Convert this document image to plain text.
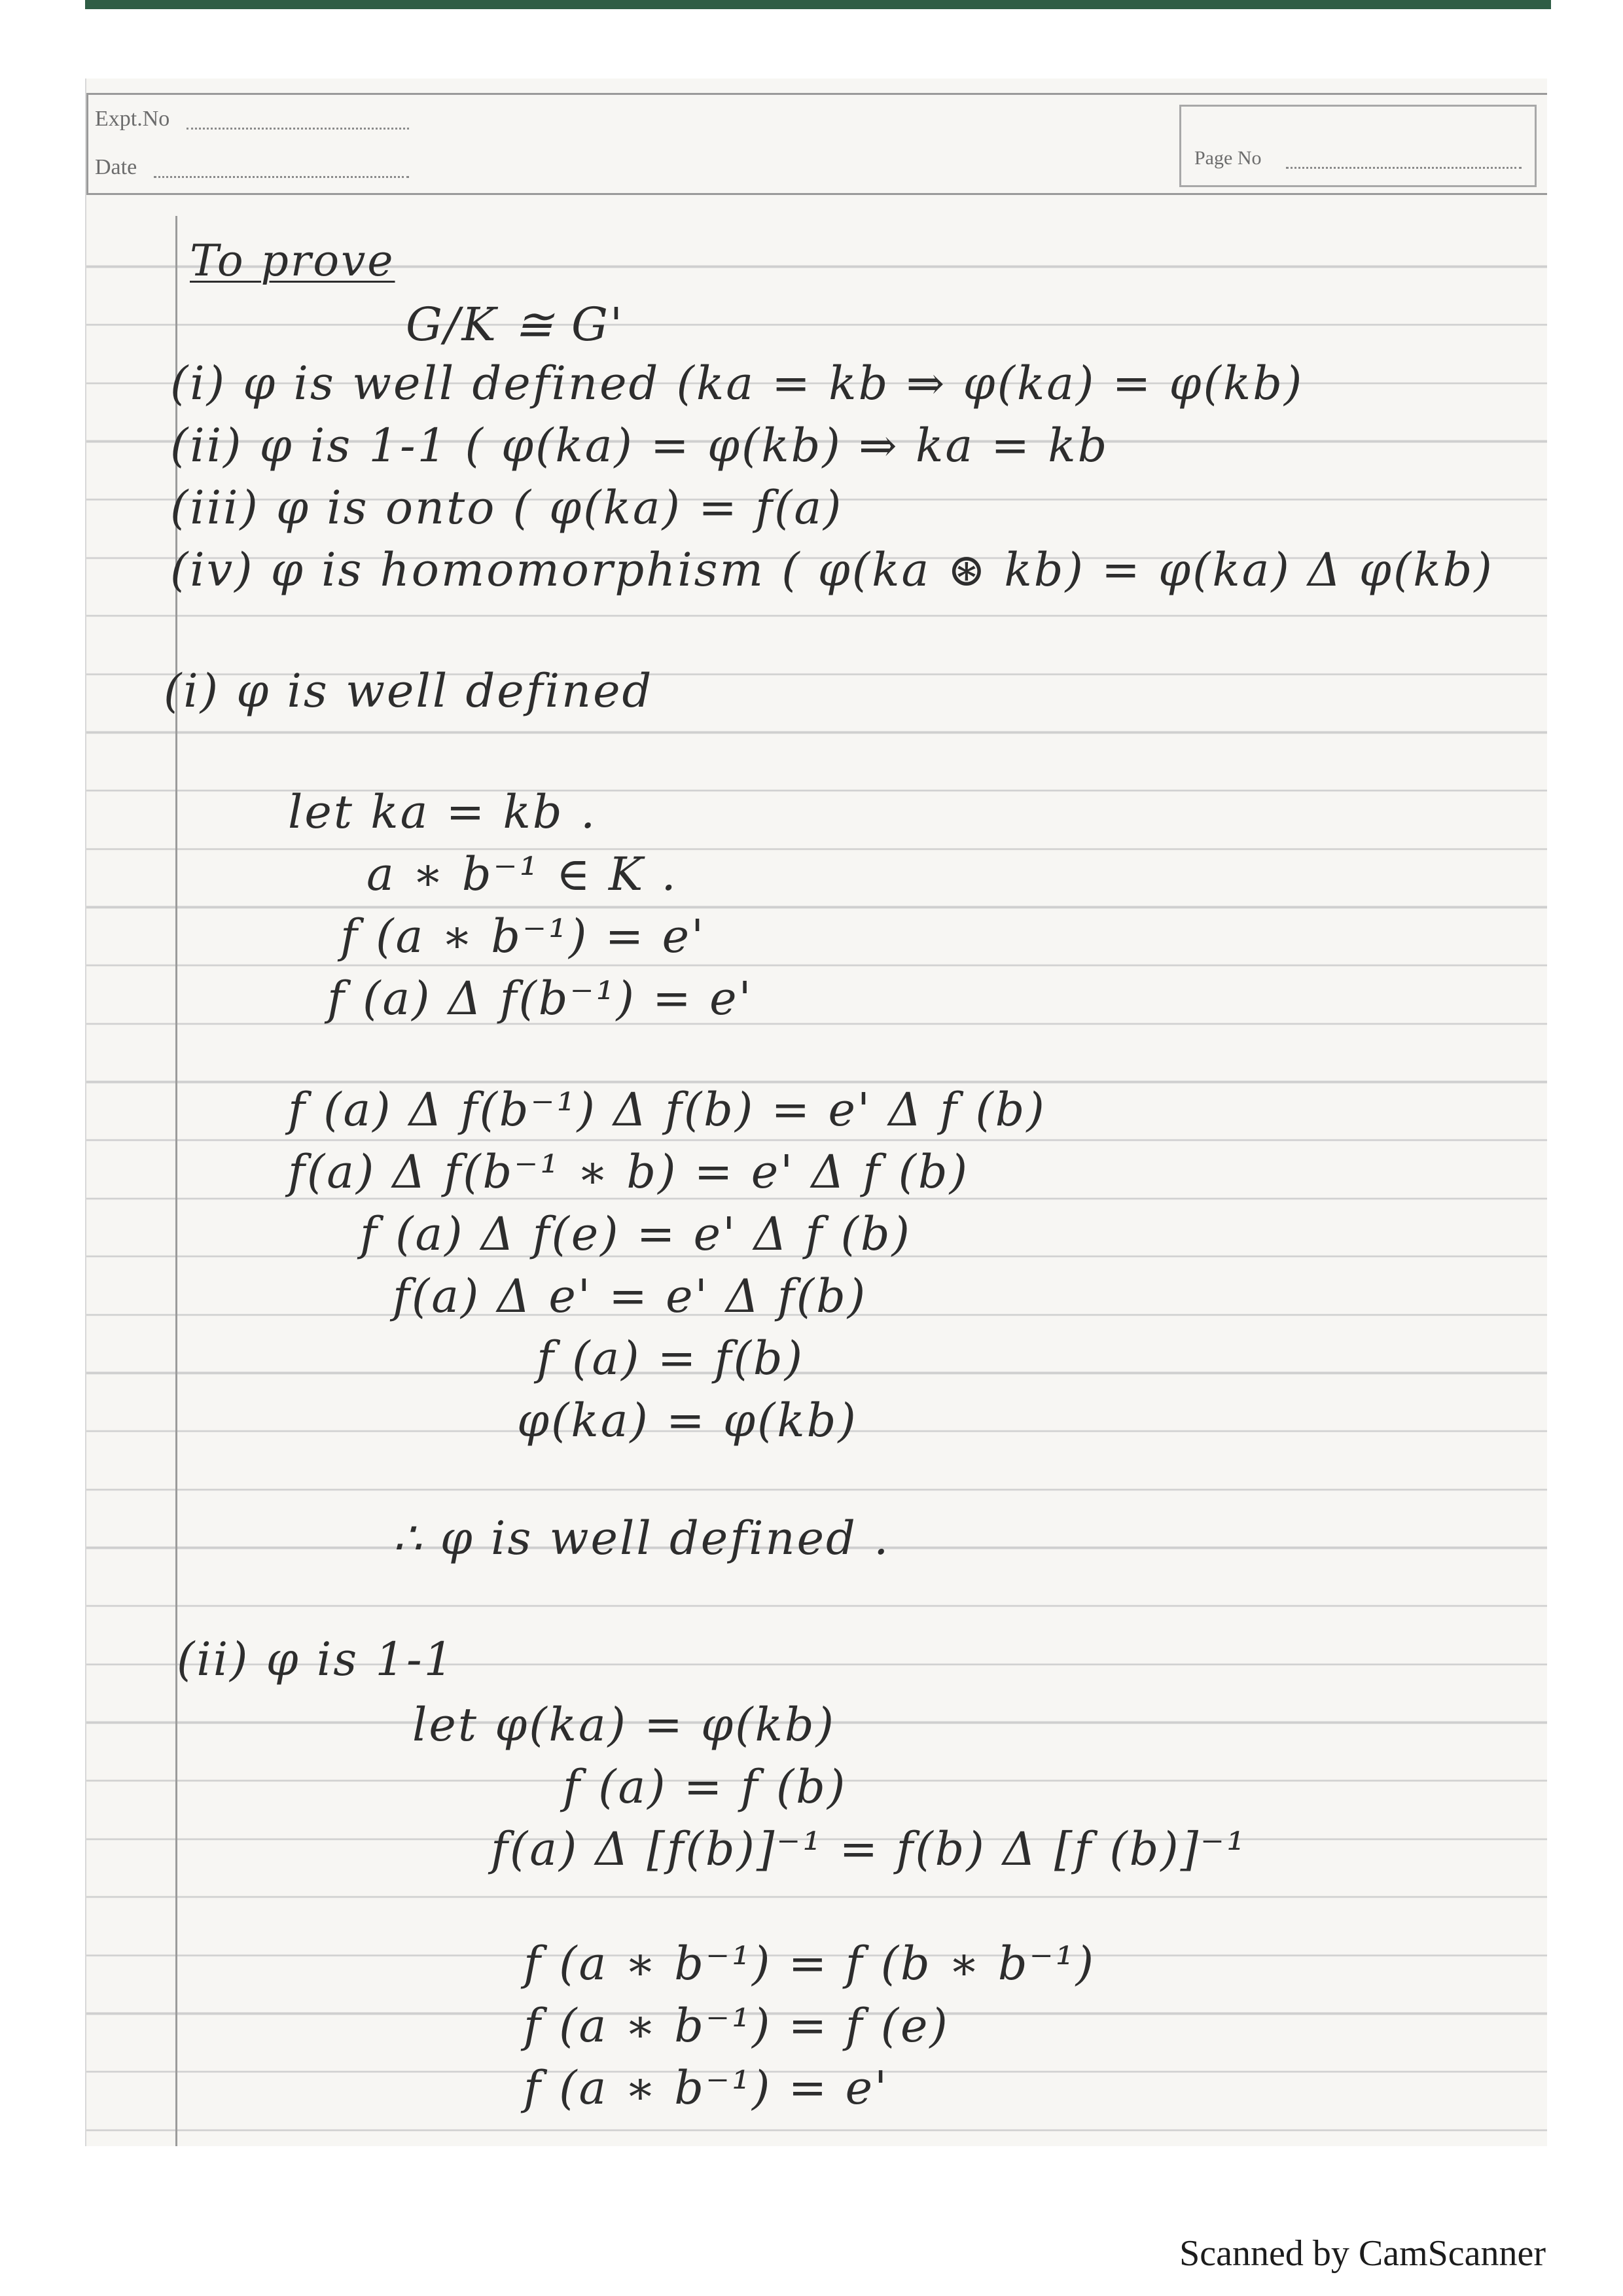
Expt.No
Date	Page No
To prove
G/K ≅ G'
(i) φ is well defined (ka = kb ⇒ φ(ka) = φ(kb)
(ii) φ is 1-1 ( φ(ka) = φ(kb) ⇒ ka = kb
(iii) φ is onto ( φ(ka) = f(a)
(iv) φ is homomorphism ( φ(ka ⊛ kb) = φ(ka) Δ φ(kb)
(i) φ is well defined
let ka = kb .
a ∗ b⁻¹ ∈ K .
f (a ∗ b⁻¹) = e'
f (a) Δ f(b⁻¹) = e'
f (a) Δ f(b⁻¹) Δ f(b) = e' Δ f (b)
f(a) Δ f(b⁻¹ ∗ b) = e' Δ f (b)
f (a) Δ f(e) = e' Δ f (b)
f(a) Δ e' = e' Δ f(b)
f (a) = f(b)
φ(ka) = φ(kb)
∴ φ is well defined .
(ii) φ is 1-1
let φ(ka) = φ(kb)
f (a) = f (b)
f(a) Δ [f(b)]⁻¹ = f(b) Δ [f (b)]⁻¹
f (a ∗ b⁻¹) = f (b ∗ b⁻¹)
f (a ∗ b⁻¹) = f (e)
f (a ∗ b⁻¹) = e'
Scanned by CamScanner
